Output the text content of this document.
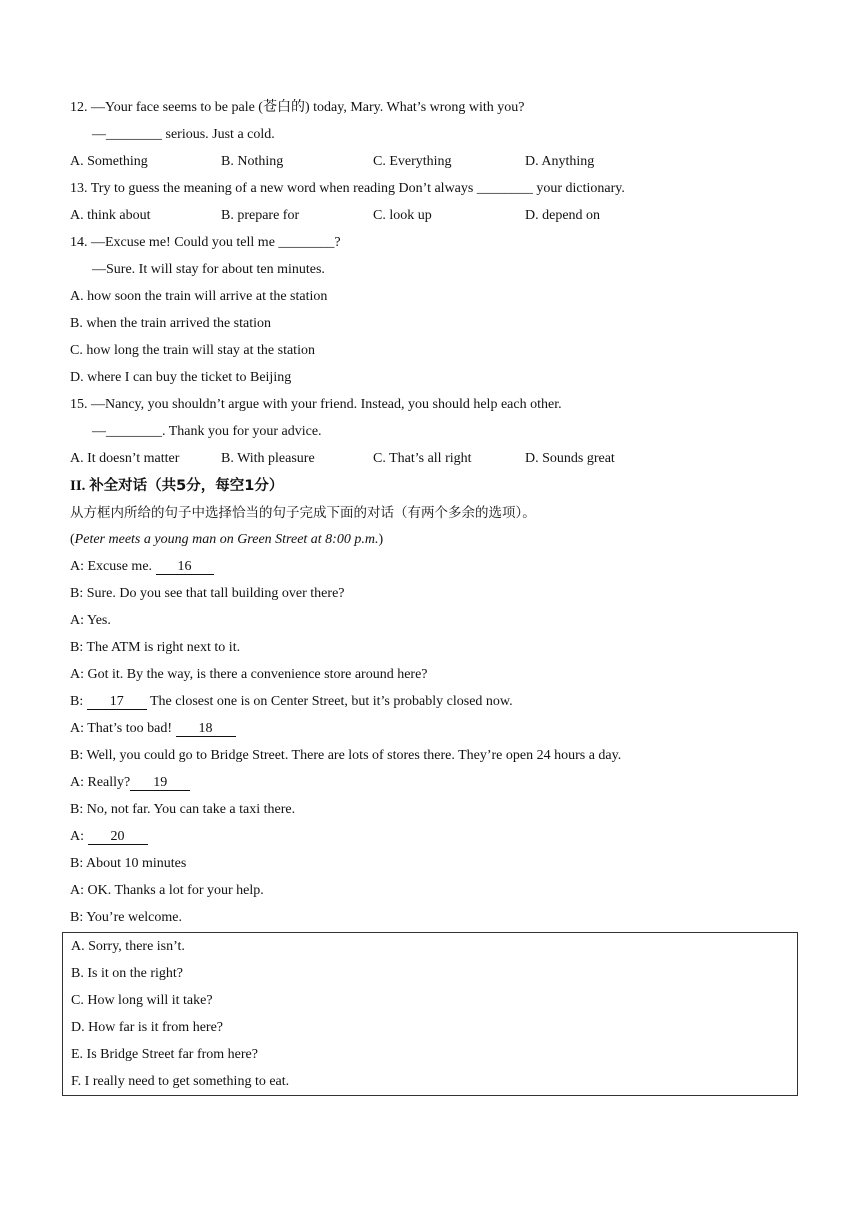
12. —Your face seems to be pale (苍白的) today, Mary. What’s wrong with you?
—________ serious. Just a cold.
A. Something	B. Nothing	C. Everything	D. Anything
13. Try to guess the meaning of a new word when reading Don’t always ________ your dictionary.
A. think about	B. prepare for	C. look up	D. depend on
14. —Excuse me! Could you tell me ________?
—Sure. It will stay for about ten minutes.
A. how soon the train will arrive at the station
B. when the train arrived the station
C. how long the train will stay at the station
D. where I can buy the ticket to Beijing
15. —Nancy, you shouldn’t argue with your friend. Instead, you should help each other.
—________. Thank you for your advice.
A. It doesn’t matter	B. With pleasure	C. That’s all right	D. Sounds great
II. 补全对话（共5分，每空1分）
从方框内所给的句子中选择恰当的句子完成下面的对话（有两个多余的选项）。
(Peter meets a young man on Green Street at 8:00 p.m.)
A: Excuse me. 16
B: Sure. Do you see that tall building over there?
A: Yes.
B: The ATM is right next to it.
A: Got it. By the way, is there a convenience store around here?
B: 17 The closest one is on Center Street, but it’s probably closed now.
A: That’s too bad! 18
B: Well, you could go to Bridge Street. There are lots of stores there. They’re open 24 hours a day.
A: Really? 19
B: No, not far. You can take a taxi there.
A: 20
B: About 10 minutes
A: OK. Thanks a lot for your help.
B: You’re welcome.
A. Sorry, there isn’t.
B. Is it on the right?
C. How long will it take?
D. How far is it from here?
E. Is Bridge Street far from here?
F. I really need to get something to eat.
